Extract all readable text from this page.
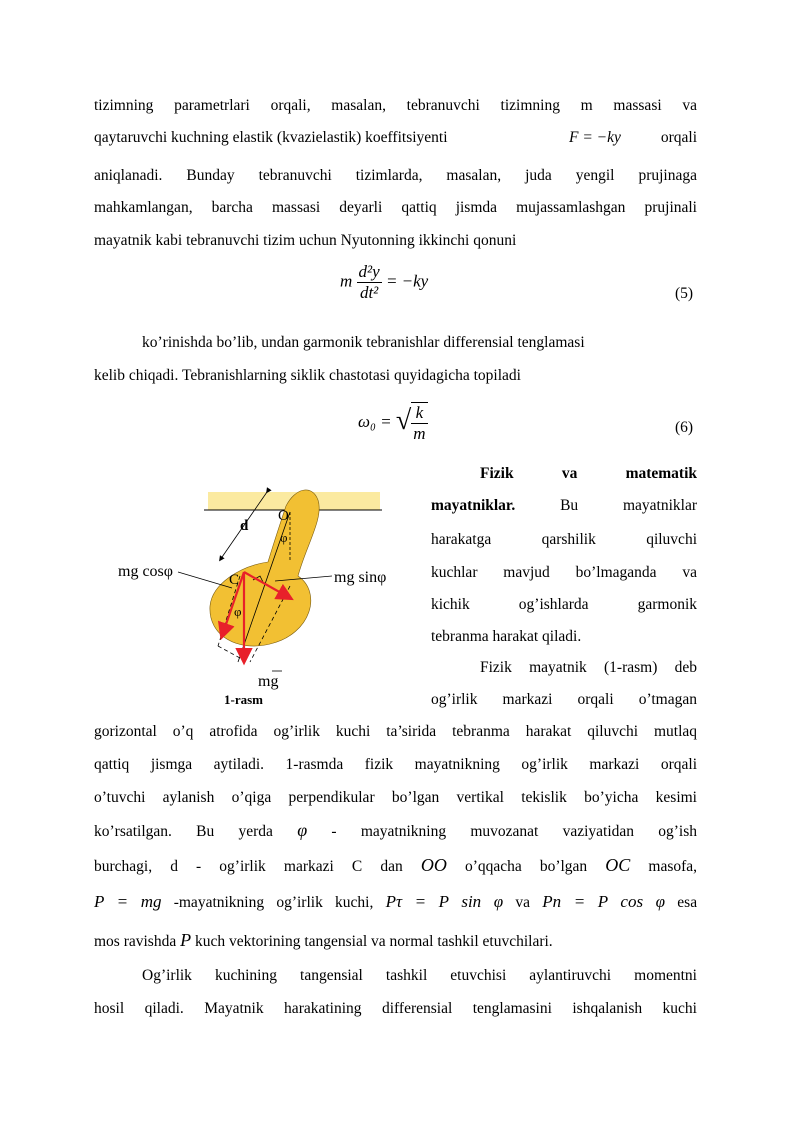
tizimning parametrlari orqali, masalan, tebranuvchi tizimning m massasi va
qaytaruvchi kuchning elastik (kvazielastik) koeffitsiyenti	F = −ky	orqali
aniqlanadi. Bunday tebranuvchi tizimlarda, masalan, juda yengil prujinaga
mahkamlangan, barcha massasi deyarli qattiq jismda mujassamlashgan prujinali
mayatnik kabi tebranuvchi tizim uchun Nyutonning ikkinchi qonuni
m $\frac{\text{d²y}}{\text{dt²}} = -ky$
(5)
ko’rinishda bo’lib, undan garmonik tebranishlar differensial tenglamasi
kelib chiqadi. Tebranishlarning siklik chastotasi quyidagicha topiladi
ω₀ = √ $\frac{k}{m}$	(6)
Fizik	va	matematik
mayatniklar.	Bu mayatniklar
harakatga qarshilik qiluvchi
kuchlar mavjud bo’lmaganda va
kichik og’ishlarda garmonik
tebranma harakat qiladi.
Fizik mayatnik (1-rasm) deb
og’irlik markazi orqali o’tmagan
d
O
C
φ
φ
mg cosφ	mg sinφ
mg
1-rasm
gorizontal o’q atrofida og’irlik kuchi ta’sirida tebranma harakat qiluvchi mutlaq
qattiq jismga aytiladi. 1-rasmda fizik mayatnikning og’irlik markazi orqali
o’tuvchi aylanish o’qiga perpendikular bo’lgan vertikal tekislik bo’yicha kesimi
ko’rsatilgan. Bu yerda φ - mayatnikning muvozanat vaziyatidan og’ish
burchagi, d - og’irlik markazi C dan OO o’qqacha bo’lgan OC masofa,
P = mg -mayatnikning og’irlik kuchi, Pτ = P sin φ va Pn = P cos φ esa
mos ravishda P kuch vektorining tangensial va normal tashkil etuvchilari.
Og’irlik kuchining tangensial tashkil etuvchisi aylantiruvchi momentni
hosil qiladi. Mayatnik harakatining differensial tenglamasini ishqalanish kuchi
